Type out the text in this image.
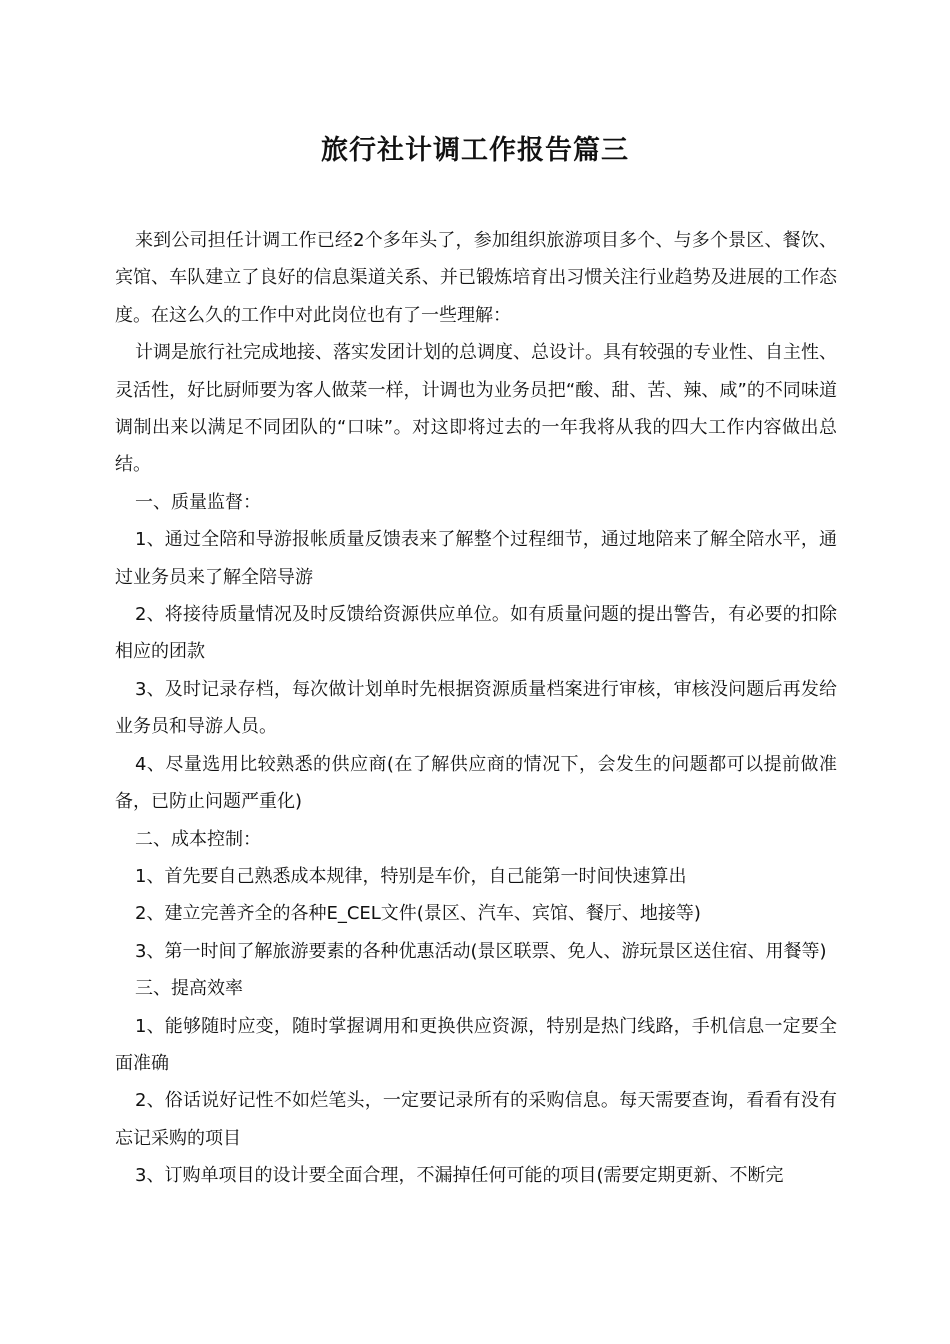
旅行社计调工作报告篇三

来到公司担任计调工作已经2个多年头了，参加组织旅游项目多个、与多个景区、餐饮、宾馆、车队建立了良好的信息渠道关系、并已锻炼培育出习惯关注行业趋势及进展的工作态度。在这么久的工作中对此岗位也有了一些理解：

计调是旅行社完成地接、落实发团计划的总调度、总设计。具有较强的专业性、自主性、灵活性，好比厨师要为客人做菜一样，计调也为业务员把“酸、甜、苦、辣、咸”的不同味道调制出来以满足不同团队的“口味”。对这即将过去的一年我将从我的四大工作内容做出总结。

一、质量监督：

1、通过全陪和导游报帐质量反馈表来了解整个过程细节，通过地陪来了解全陪水平，通过业务员来了解全陪导游

2、将接待质量情况及时反馈给资源供应单位。如有质量问题的提出警告，有必要的扣除相应的团款

3、及时记录存档，每次做计划单时先根据资源质量档案进行审核，审核没问题后再发给业务员和导游人员。

4、尽量选用比较熟悉的供应商(在了解供应商的情况下，会发生的问题都可以提前做准备，已防止问题严重化)

二、成本控制：

1、首先要自己熟悉成本规律，特别是车价，自己能第一时间快速算出

2、建立完善齐全的各种E_CEL文件(景区、汽车、宾馆、餐厅、地接等)

3、第一时间了解旅游要素的各种优惠活动(景区联票、免人、游玩景区送住宿、用餐等)

三、提高效率

1、能够随时应变，随时掌握调用和更换供应资源，特别是热门线路，手机信息一定要全面准确

2、俗话说好记性不如烂笔头，一定要记录所有的采购信息。每天需要查询，看看有没有忘记采购的项目

3、订购单项目的设计要全面合理，不漏掉任何可能的项目(需要定期更新、不断完
